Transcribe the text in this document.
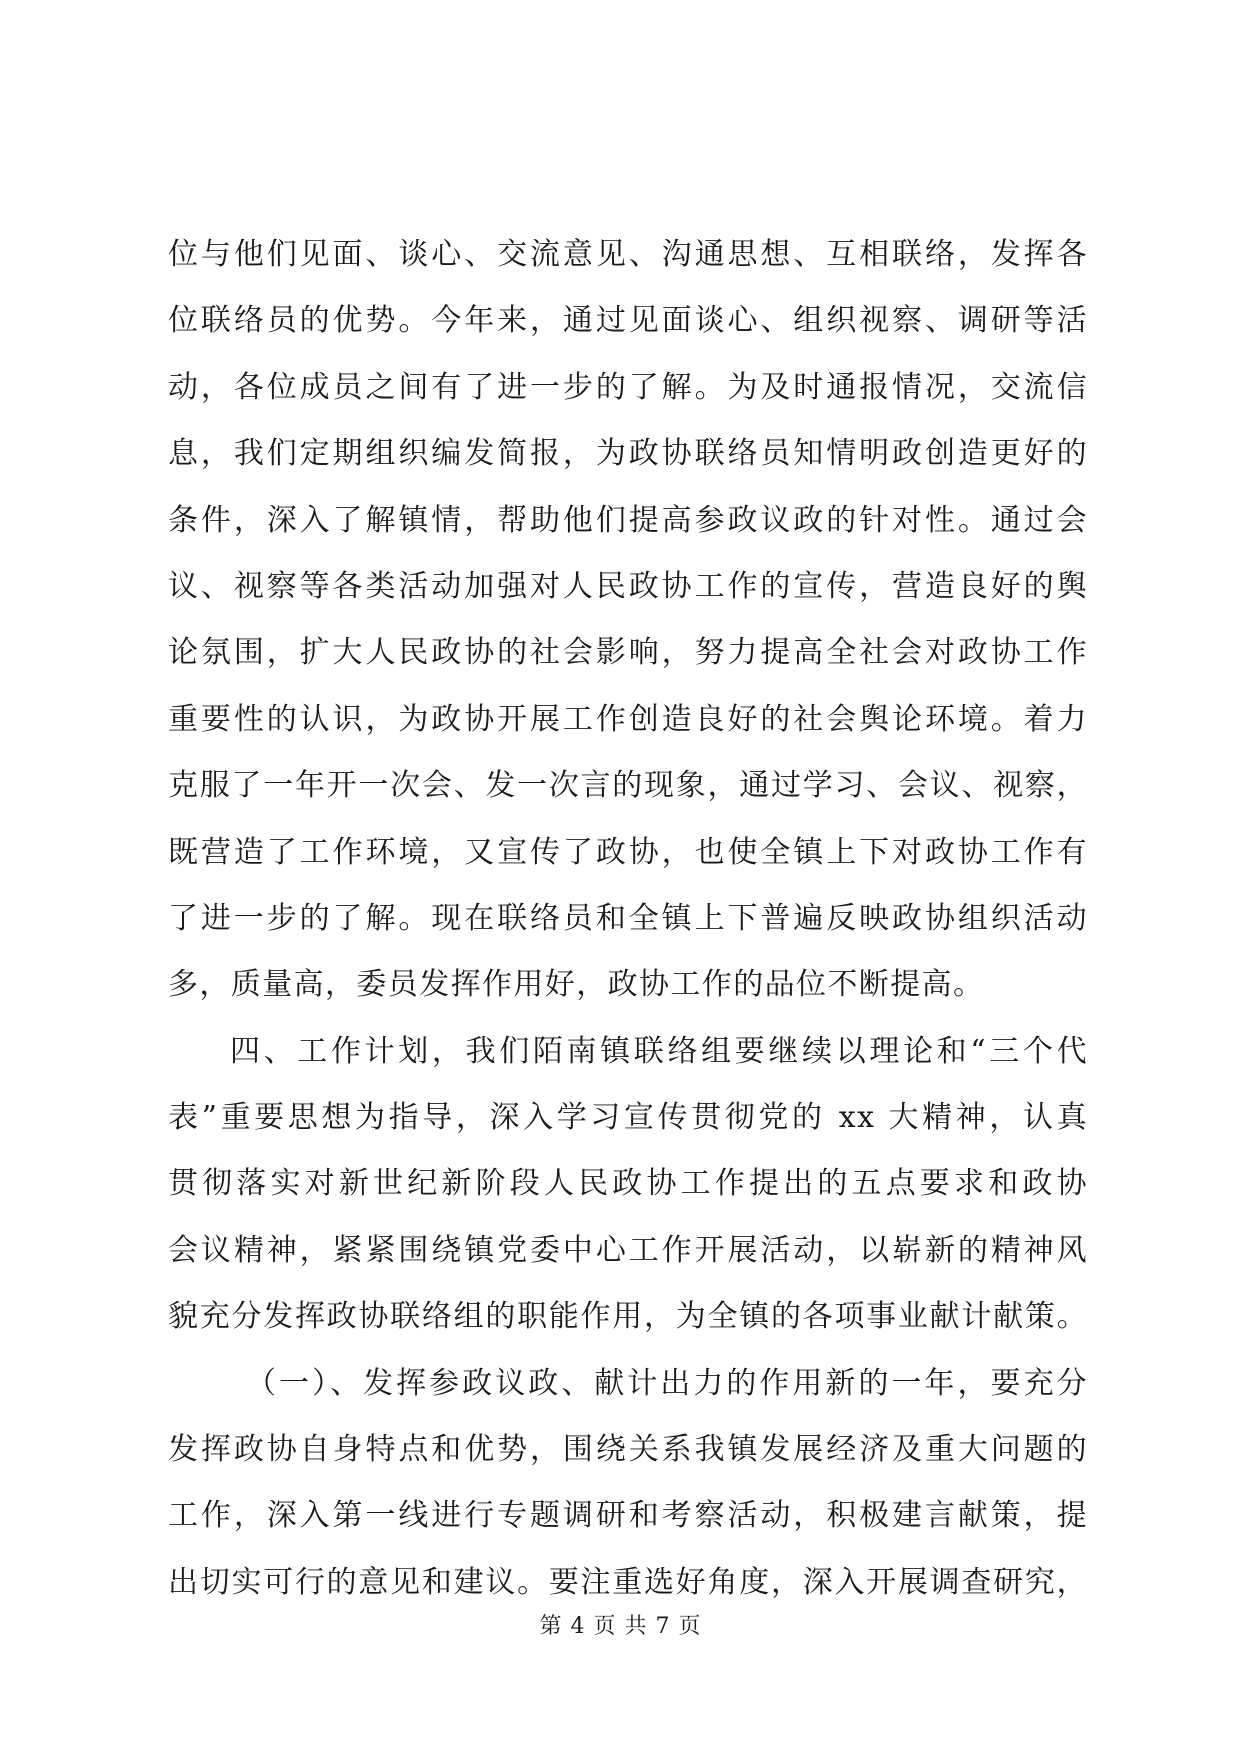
位与他们见面、谈心、交流意见、沟通思想、互相联络，发挥各
位联络员的优势。今年来，通过见面谈心、组织视察、调研等活
动，各位成员之间有了进一步的了解。为及时通报情况，交流信
息，我们定期组织编发简报，为政协联络员知情明政创造更好的
条件，深入了解镇情，帮助他们提高参政议政的针对性。通过会
议、视察等各类活动加强对人民政协工作的宣传，营造良好的舆
论氛围，扩大人民政协的社会影响，努力提高全社会对政协工作
重要性的认识，为政协开展工作创造良好的社会舆论环境。着力
克服了一年开一次会、发一次言的现象，通过学习、会议、视察，
既营造了工作环境，又宣传了政协，也使全镇上下对政协工作有
了进一步的了解。现在联络员和全镇上下普遍反映政协组织活动
多，质量高，委员发挥作用好，政协工作的品位不断提高。
四、工作计划，我们陌南镇联络组要继续以理论和“三个代
表”重要思想为指导，深入学习宣传贯彻党的 xx 大精神，认真
贯彻落实对新世纪新阶段人民政协工作提出的五点要求和政协
会议精神，紧紧围绕镇党委中心工作开展活动，以崭新的精神风
貌充分发挥政协联络组的职能作用，为全镇的各项事业献计献策。
（一）、发挥参政议政、献计出力的作用新的一年，要充分
发挥政协自身特点和优势，围绕关系我镇发展经济及重大问题的
工作，深入第一线进行专题调研和考察活动，积极建言献策，提
出切实可行的意见和建议。要注重选好角度，深入开展调查研究，
第 4 页 共 7 页
